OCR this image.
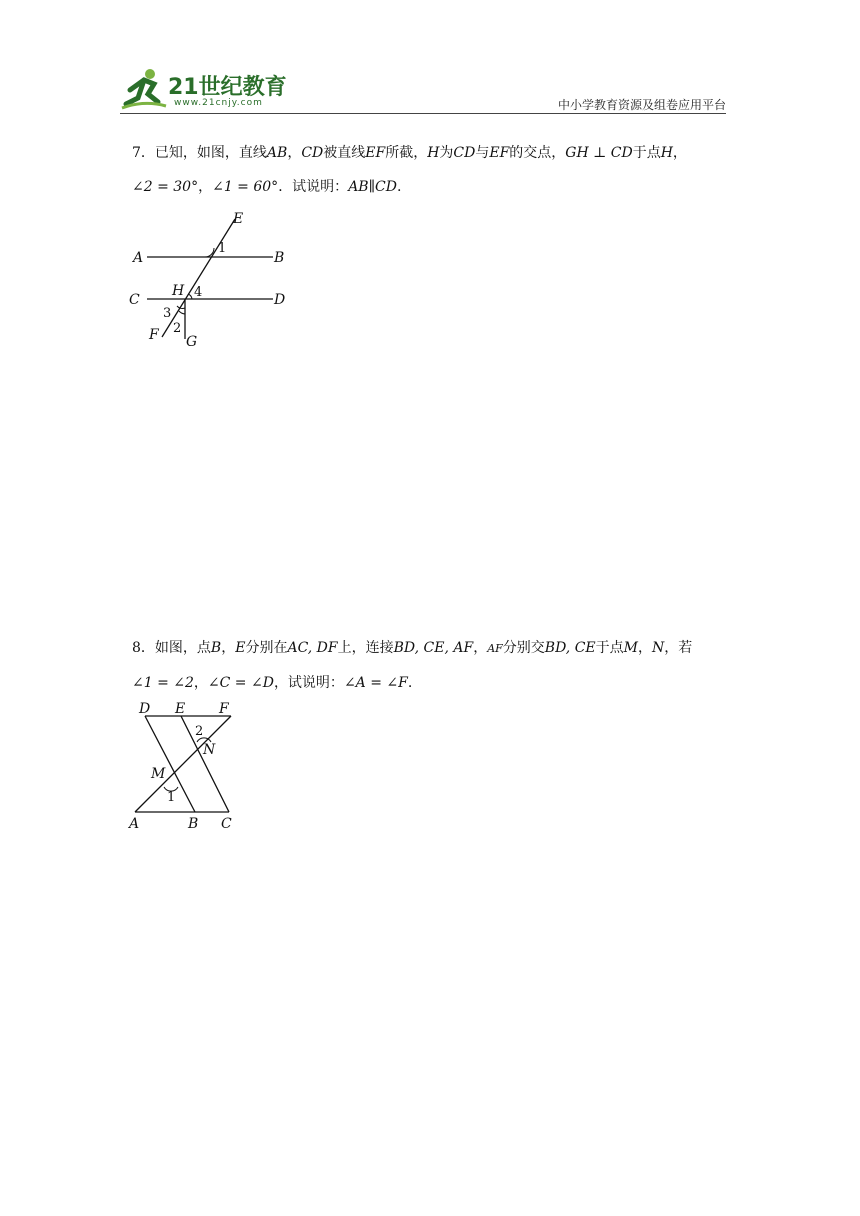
21世纪教育
www.21cnjy.com	中小学教育资源及组卷应用平台
7．已知，如图，直线AB，CD被直线EF所截，H为CD与EF的交点，GH ⊥ CD于点H，
∠2 = 30°，∠1 = 60°．试说明：AB∥CD.
E
A	B
1
C	D
H 4
3
2
F G
8．如图，点B，E分别在AC, DF上，连接BD, CE, AF，AF分别交BD, CE于点M，N，若
∠1 = ∠2，∠C = ∠D，试说明：∠A = ∠F.
D E F
2
N
M
1
A	B C
